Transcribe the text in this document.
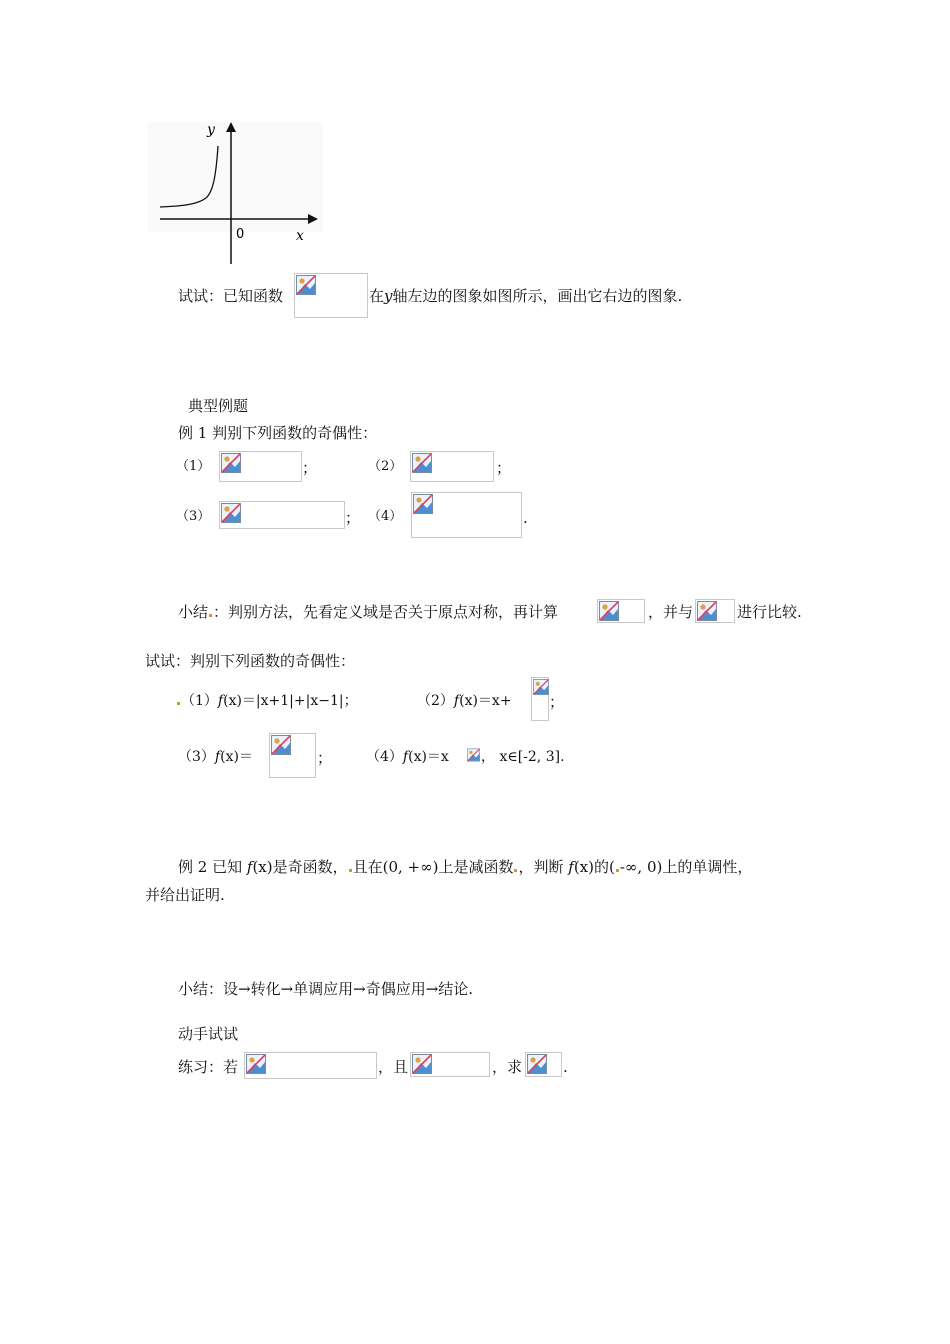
y
x
0
试试：已知函数	在y轴左边的图象如图所示，画出它右边的图象.
典型例题
例 1 判别下列函数的奇偶性：
（1）	；	（2）	；
（3）	； （4）	.
小结 ：判别方法，先看定义域是否关于原点对称，再计算	，并与	进行比较.
试试：判别下列函数的奇偶性：
（1）f(x)＝|x+1|+|x−1|；	（2）f(x)＝x+ ；
（3）f(x)＝	； （4）f(x)＝x ， x∈[-2, 3].
例 2 已知 f(x)是奇函数， 且在(0, +∞)上是减函数 ，判断 f(x)的( -∞, 0)上的单调性，
并给出证明.
小结：设→转化→单调应用→奇偶应用→结论.
动手试试
练习：若	，且	，求	.
